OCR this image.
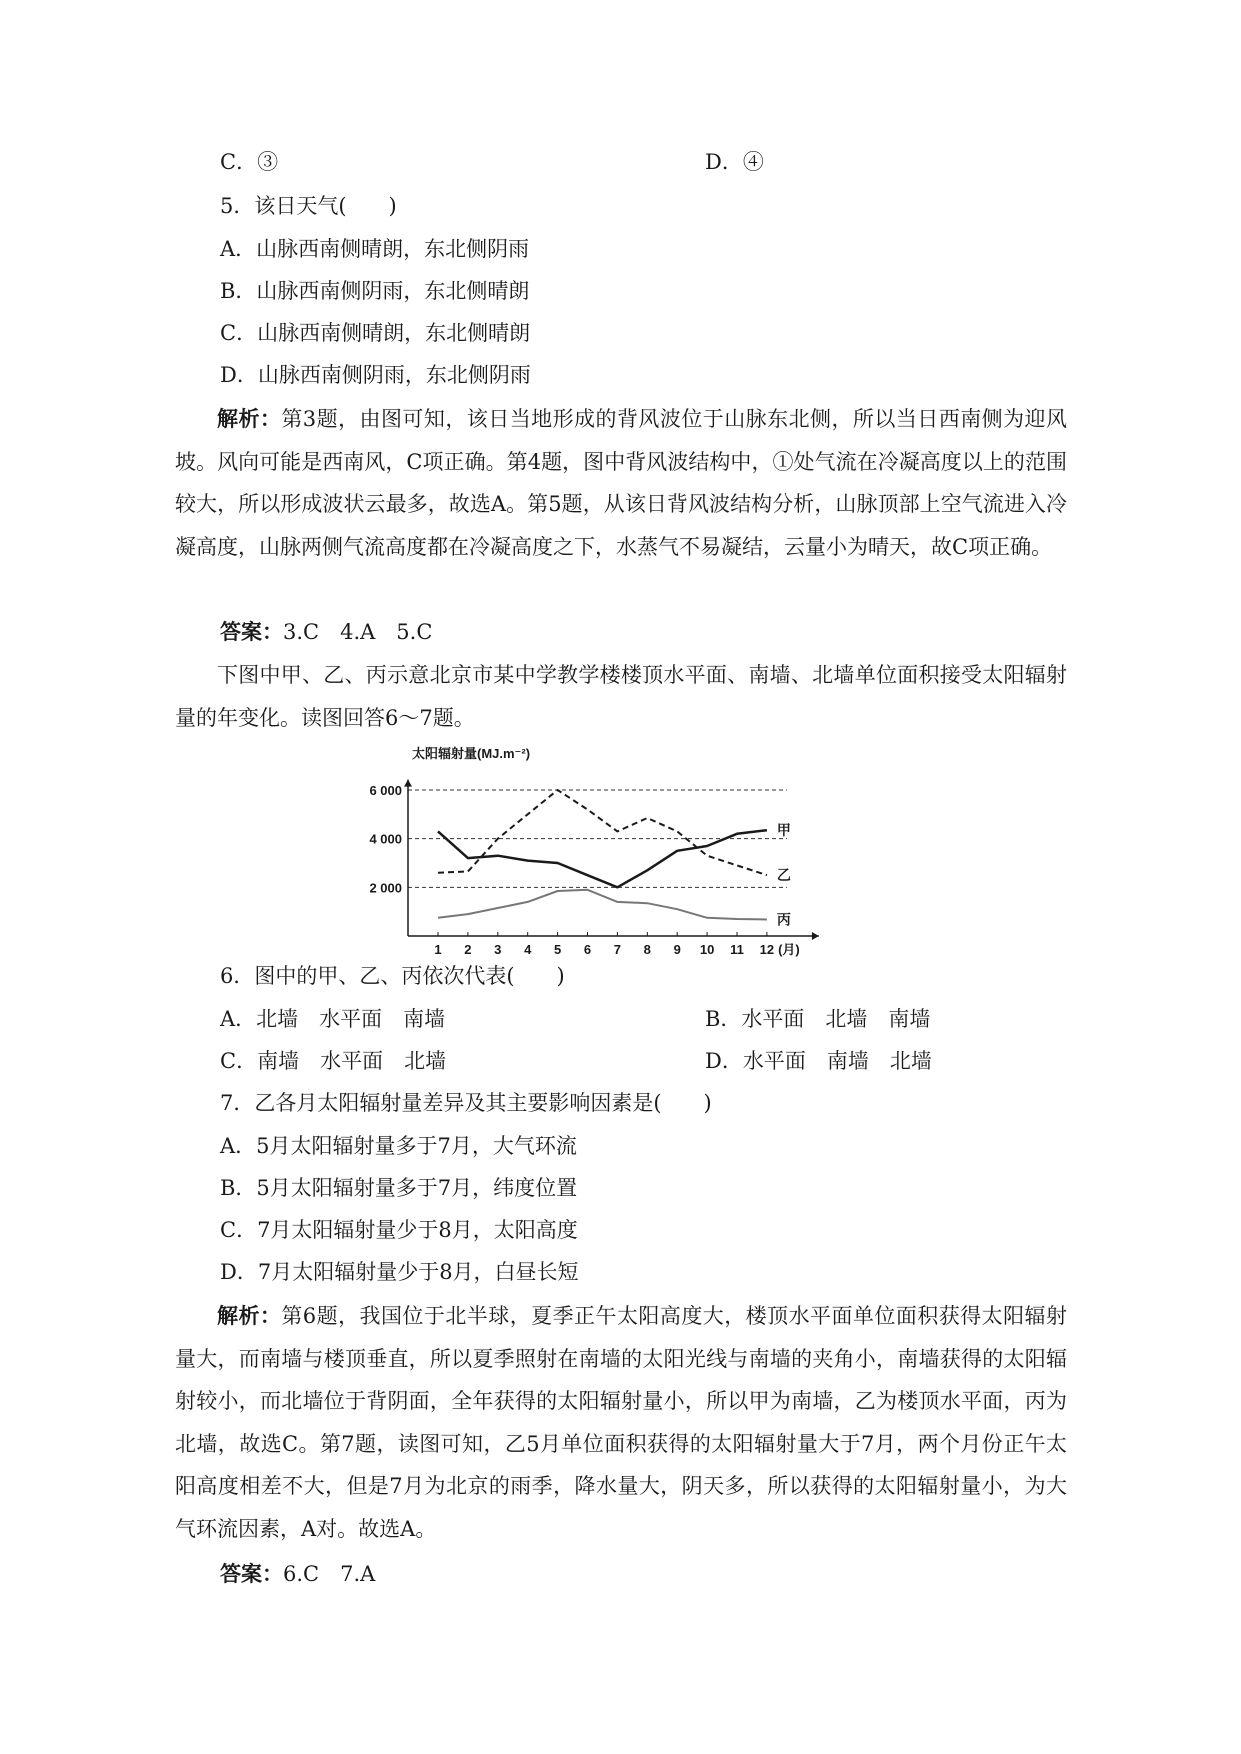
C．③	D．④
5．该日天气(　　)
A．山脉西南侧晴朗，东北侧阴雨
B．山脉西南侧阴雨，东北侧晴朗
C．山脉西南侧晴朗，东北侧晴朗
D．山脉西南侧阴雨，东北侧阴雨
解析：第3题，由图可知，该日当地形成的背风波位于山脉东北侧，所以当日西南侧为迎风坡。风向可能是西南风，C项正确。第4题，图中背风波结构中，①处气流在冷凝高度以上的范围较大，所以形成波状云最多，故选A。第5题，从该日背风波结构分析，山脉顶部上空气流进入冷凝高度，山脉两侧气流高度都在冷凝高度之下，水蒸气不易凝结，云量小为晴天，故C项正确。
答案：3.C　4.A　5.C
下图中甲、乙、丙示意北京市某中学教学楼楼顶水平面、南墙、北墙单位面积接受太阳辐射量的年变化。读图回答6～7题。
2 000
4 000
6 000
1 2 3 4 5 6 7 8 9 10 11 12 (月)
太阳辐射量(MJ.m⁻²)
甲
乙
丙
6．图中的甲、乙、丙依次代表(　　)
A．北墙　水平面　南墙	B．水平面　北墙　南墙
C．南墙　水平面　北墙	D．水平面　南墙　北墙
7．乙各月太阳辐射量差异及其主要影响因素是(　　)
A．5月太阳辐射量多于7月，大气环流
B．5月太阳辐射量多于7月，纬度位置
C．7月太阳辐射量少于8月，太阳高度
D．7月太阳辐射量少于8月，白昼长短
解析：第6题，我国位于北半球，夏季正午太阳高度大，楼顶水平面单位面积获得太阳辐射量大，而南墙与楼顶垂直，所以夏季照射在南墙的太阳光线与南墙的夹角小，南墙获得的太阳辐射较小，而北墙位于背阴面，全年获得的太阳辐射量小，所以甲为南墙，乙为楼顶水平面，丙为北墙，故选C。第7题，读图可知，乙5月单位面积获得的太阳辐射量大于7月，两个月份正午太阳高度相差不大，但是7月为北京的雨季，降水量大，阴天多，所以获得的太阳辐射量小，为大气环流因素，A对。故选A。
答案：6.C　7.A
